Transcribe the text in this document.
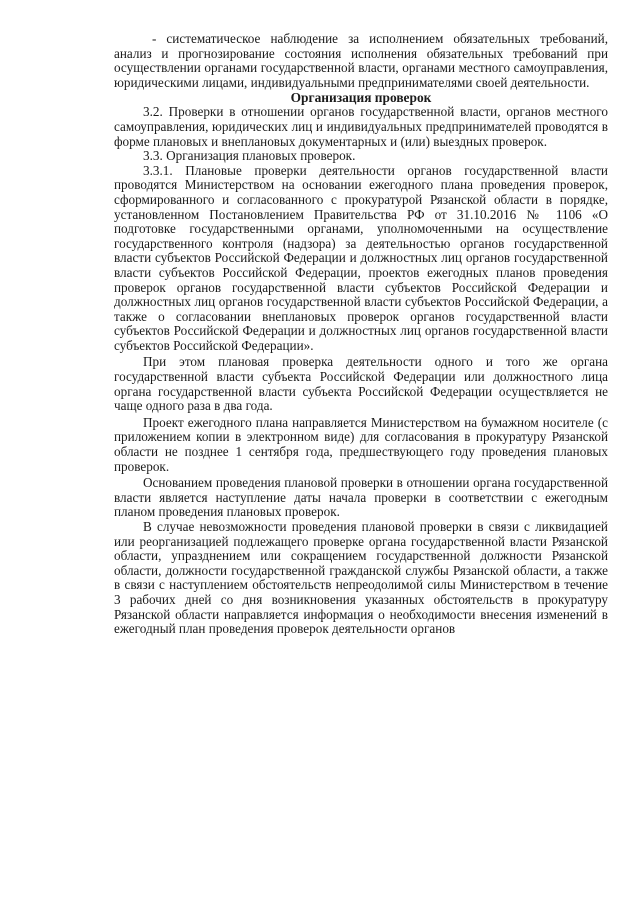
- систематическое наблюдение за исполнением обязательных требований, анализ и прогнозирование состояния исполнения обязательных требований при осуществлении органами государственной власти, органами местного самоуправления, юридическими лицами, индивидуальными предпринимателями своей деятельности.

Организация проверок

3.2. Проверки в отношении органов государственной власти, органов местного самоуправления, юридических лиц и индивидуальных предпринимателей проводятся в форме плановых и внеплановых документарных и (или) выездных проверок.

3.3. Организация плановых проверок.

3.3.1. Плановые проверки деятельности органов государственной власти проводятся Министерством на основании ежегодного плана проведения проверок, сформированного и согласованного с прокуратурой Рязанской области в порядке, установленном Постановлением Правительства РФ от 31.10.2016 № 1106 «О подготовке государственными органами, уполномоченными на осуществление государственного контроля (надзора) за деятельностью органов государственной власти субъектов Российской Федерации и должностных лиц органов государственной власти субъектов Российской Федерации, проектов ежегодных планов проведения проверок органов государственной власти субъектов Российской Федерации и должностных лиц органов государственной власти субъектов Российской Федерации, а также о согласовании внеплановых проверок органов государственной власти субъектов Российской Федерации и должностных лиц органов государственной власти субъектов Российской Федерации».

При этом плановая проверка деятельности одного и того же органа государственной власти субъекта Российской Федерации или должностного лица органа государственной власти субъекта Российской Федерации осуществляется не чаще одного раза в два года.

Проект ежегодного плана направляется Министерством на бумажном носителе (с приложением копии в электронном виде) для согласования в прокуратуру Рязанской области не позднее 1 сентября года, предшествующего году проведения плановых проверок.

Основанием проведения плановой проверки в отношении органа государственной власти является наступление даты начала проверки в соответствии с ежегодным планом проведения плановых проверок.

В случае невозможности проведения плановой проверки в связи с ликвидацией или реорганизацией подлежащего проверке органа государственной власти Рязанской области, упразднением или сокращением государственной должности Рязанской области, должности государственной гражданской службы Рязанской области, а также в связи с наступлением обстоятельств непреодолимой силы Министерством в течение 3 рабочих дней со дня возникновения указанных обстоятельств в прокуратуру Рязанской области направляется информация о необходимости внесения изменений в ежегодный план проведения проверок деятельности органов
